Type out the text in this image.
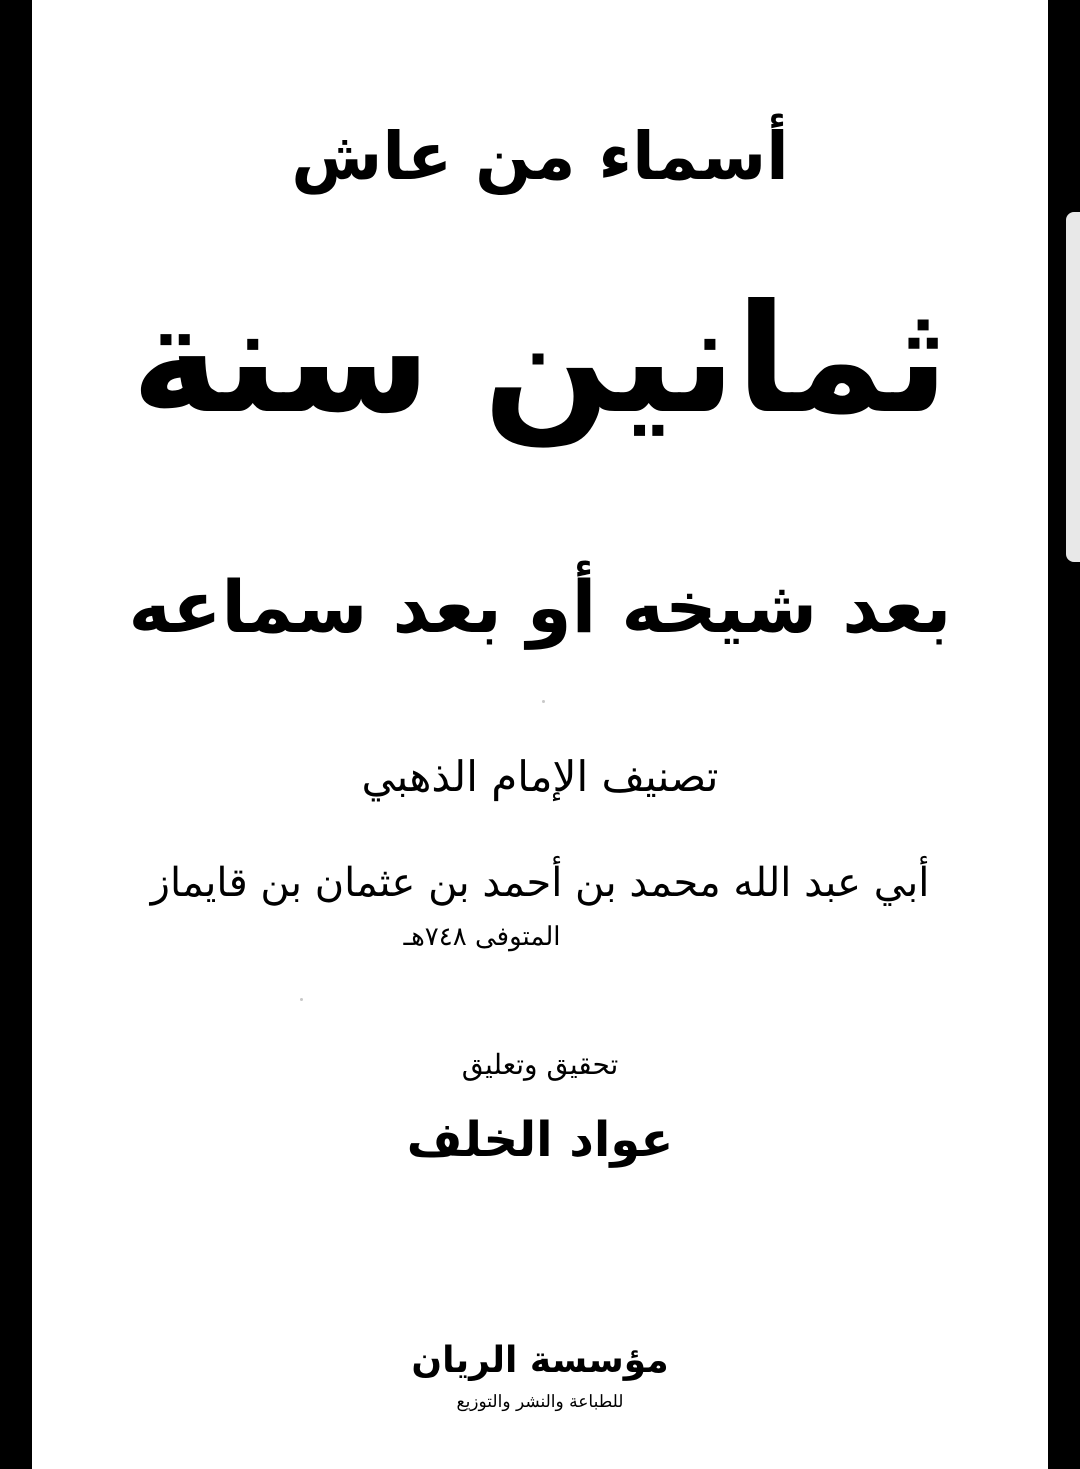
أسماء من عاش
ثمانين سنة
بعد شيخه أو بعد سماعه
تصنيف الإمام الذهبي
أبي عبد الله محمد بن أحمد بن عثمان بن قايماز
المتوفى ٧٤٨هـ
تحقيق وتعليق
عواد الخلف
مؤسسة الريان
للطباعة والنشر والتوزيع
